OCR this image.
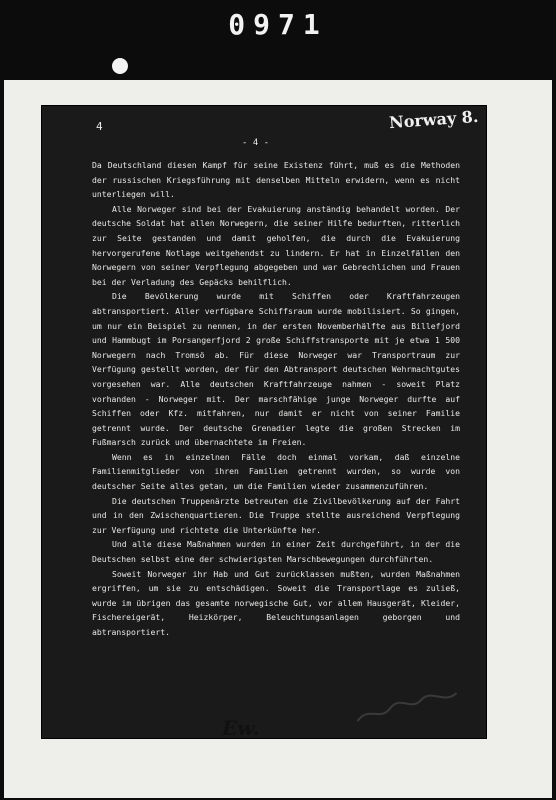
0971
4
- 4 -
Norway 8.

Da Deutschland diesen Kampf für seine Existenz führt, muß es die Methoden der russischen Kriegsführung mit denselben Mitteln erwidern, wenn es nicht unterliegen will.

Alle Norweger sind bei der Evakuierung anständig behandelt worden. Der deutsche Soldat hat allen Norwegern, die seiner Hilfe bedurften, ritterlich zur Seite gestanden und damit geholfen, die durch die Evakuierung hervorgerufene Notlage weitgehendst zu lindern. Er hat in Einzelfällen den Norwegern von seiner Verpflegung abgegeben und war Gebrechlichen und Frauen bei der Verladung des Gepäcks behilflich.

Die Bevölkerung wurde mit Schiffen oder Kraftfahrzeugen abtransportiert. Aller verfügbare Schiffsraum wurde mobilisiert. So gingen, um nur ein Beispiel zu nennen, in der ersten Novemberhälfte aus Billefjord und Hammbugt im Porsangerfjord 2 große Schiffstransporte mit je etwa 1 500 Norwegern nach Tromsö ab. Für diese Norweger war Transportraum zur Verfügung gestellt worden, der für den Abtransport deutschen Wehrmachtgutes vorgesehen war. Alle deutschen Kraftfahrzeuge nahmen - soweit Platz vorhanden - Norweger mit. Der marschfähige junge Norweger durfte auf Schiffen oder Kfz. mitfahren, nur damit er nicht von seiner Familie getrennt wurde. Der deutsche Grenadier legte die großen Strecken im Fußmarsch zurück und übernachtete im Freien.

Wenn es in einzelnen Fälle doch einmal vorkam, daß einzelne Familienmitglieder von ihren Familien getrennt wurden, so wurde von deutscher Seite alles getan, um die Familien wieder zusammenzuführen.

Die deutschen Truppenärzte betreuten die Zivilbevölkerung auf der Fahrt und in den Zwischenquartieren. Die Truppe stellte ausreichend Verpflegung zur Verfügung und richtete die Unterkünfte her.

Und alle diese Maßnahmen wurden in einer Zeit durchgeführt, in der die Deutschen selbst eine der schwierigsten Marschbewegungen durchführten.

Soweit Norweger ihr Hab und Gut zurücklassen mußten, wurden Maßnahmen ergriffen, um sie zu entschädigen. Soweit die Transportlage es zuließ, wurde im übrigen das gesamte norwegische Gut, vor allem Hausgerät, Kleider, Fischereigerät, Heizkörper, Beleuchtungsanlagen geborgen und abtransportiert.

Ew.
